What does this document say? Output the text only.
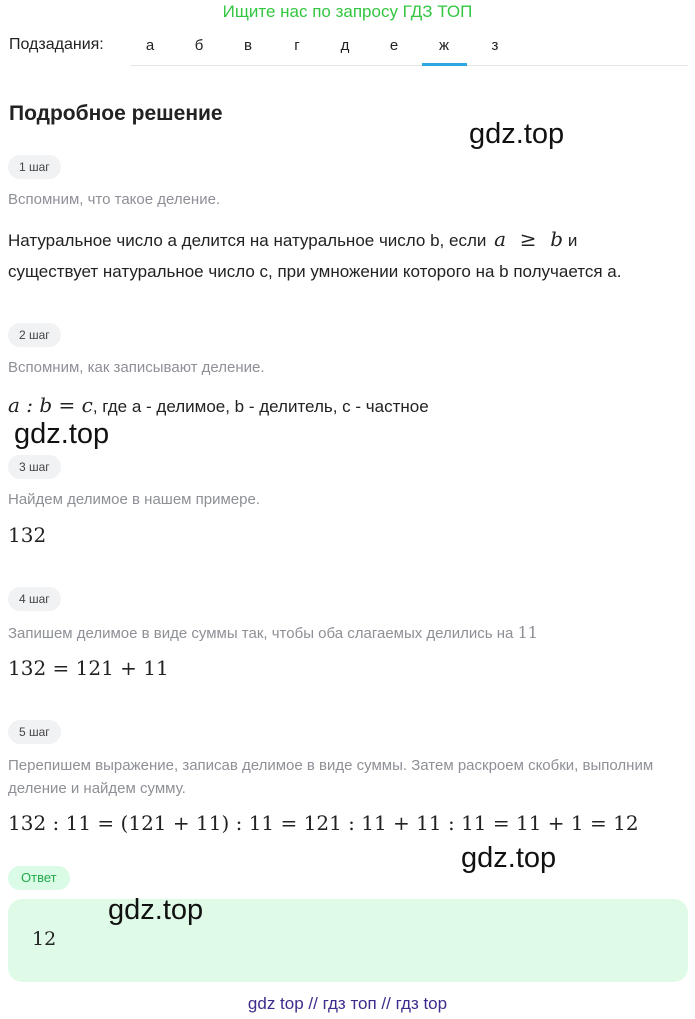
Ищите нас по запросу ГДЗ ТОП
Подзадания:	а	б	в	г	д	е	ж	з
Подробное решение
gdz.top
1 шаг
Вспомним, что такое деление.
Натуральное число a делится на натуральное число b, если a ≥ b и
существует натуральное число c, при умножении которого на b получается a.
2 шаг
Вспомним, как записывают деление.
a : b = c, где a - делимое, b - делитель, c - частное
gdz.top
3 шаг
Найдем делимое в нашем примере.
132
4 шаг
Запишем делимое в виде суммы так, чтобы оба слагаемых делились на 11
132 = 121 + 11
5 шаг
Перепишем выражение, записав делимое в виде суммы. Затем раскроем скобки, выполним деление и найдем сумму.
132 : 11 = (121 + 11) : 11 = 121 : 11 + 11 : 11 = 11 + 1 = 12
gdz.top
Ответ
12
gdz.top
gdz top // гдз топ // гдз top
